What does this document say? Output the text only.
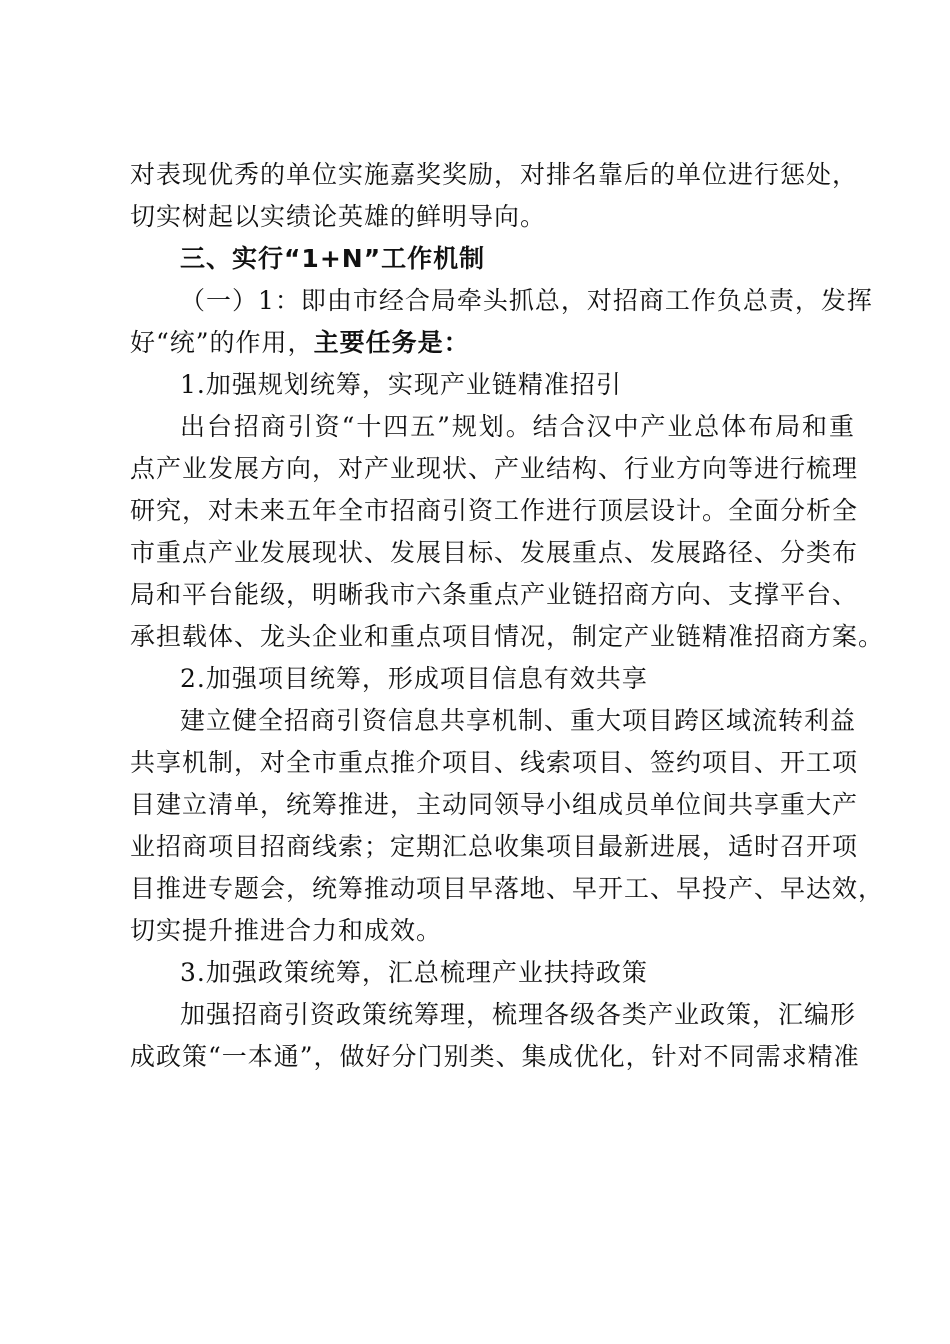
对表现优秀的单位实施嘉奖奖励，对排名靠后的单位进行惩处，
切实树起以实绩论英雄的鲜明导向。
三、实行“1+N”工作机制
（一）1：即由市经合局牵头抓总，对招商工作负总责，发挥
好“统”的作用，主要任务是：
1.加强规划统筹，实现产业链精准招引
出台招商引资“十四五”规划。结合汉中产业总体布局和重
点产业发展方向，对产业现状、产业结构、行业方向等进行梳理
研究，对未来五年全市招商引资工作进行顶层设计。全面分析全
市重点产业发展现状、发展目标、发展重点、发展路径、分类布
局和平台能级，明晰我市六条重点产业链招商方向、支撑平台、
承担载体、龙头企业和重点项目情况，制定产业链精准招商方案。
2.加强项目统筹，形成项目信息有效共享
建立健全招商引资信息共享机制、重大项目跨区域流转利益
共享机制，对全市重点推介项目、线索项目、签约项目、开工项
目建立清单，统筹推进，主动同领导小组成员单位间共享重大产
业招商项目招商线索；定期汇总收集项目最新进展，适时召开项
目推进专题会，统筹推动项目早落地、早开工、早投产、早达效，
切实提升推进合力和成效。
3.加强政策统筹，汇总梳理产业扶持政策
加强招商引资政策统筹理，梳理各级各类产业政策，汇编形
成政策“一本通”，做好分门别类、集成优化，针对不同需求精准
